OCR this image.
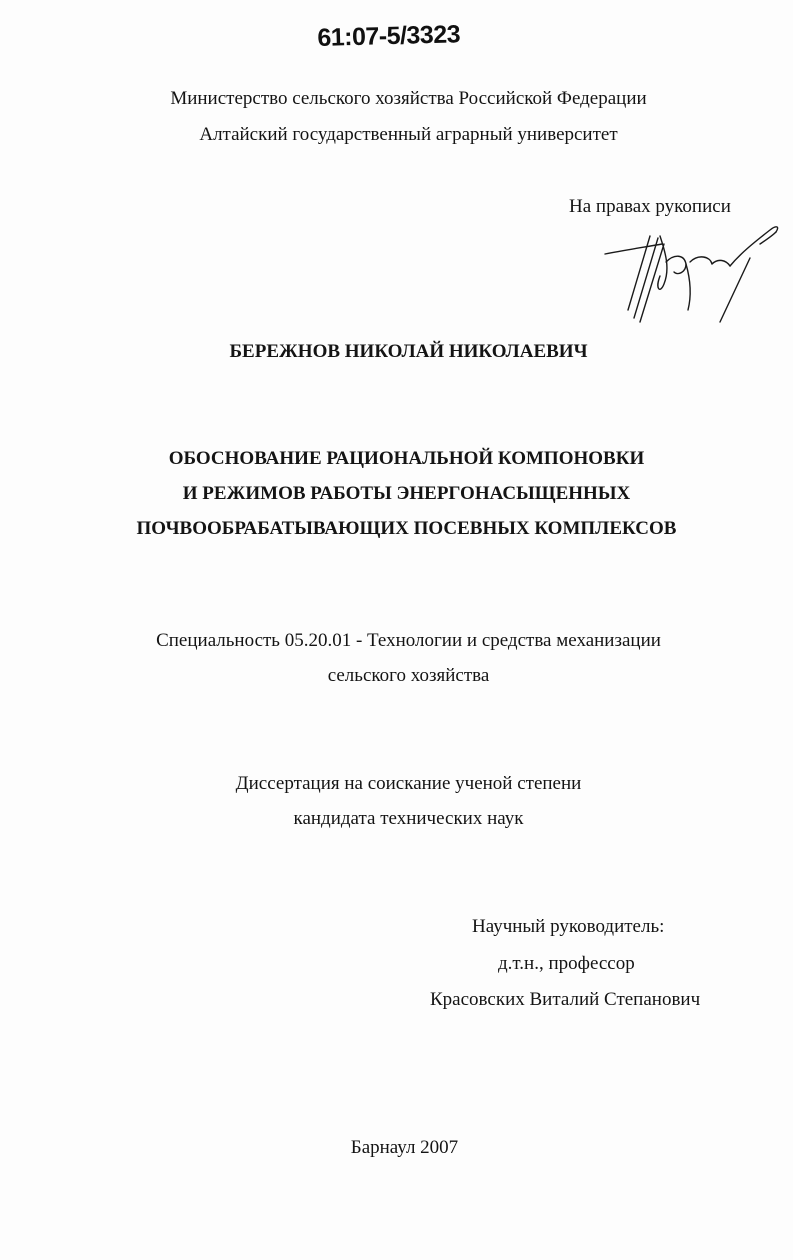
61:07-5/3323
Министерство сельского хозяйства Российской Федерации
Алтайский государственный аграрный университет
На правах рукописи
БЕРЕЖНОВ НИКОЛАЙ НИКОЛАЕВИЧ
ОБОСНОВАНИЕ РАЦИОНАЛЬНОЙ КОМПОНОВКИ
И РЕЖИМОВ РАБОТЫ ЭНЕРГОНАСЫЩЕННЫХ
ПОЧВООБРАБАТЫВАЮЩИХ ПОСЕВНЫХ КОМПЛЕКСОВ
Специальность 05.20.01 - Технологии и средства механизации
сельского хозяйства
Диссертация на соискание ученой степени
кандидата технических наук
Научный руководитель:
д.т.н., профессор
Красовских Виталий Степанович
Барнаул 2007
